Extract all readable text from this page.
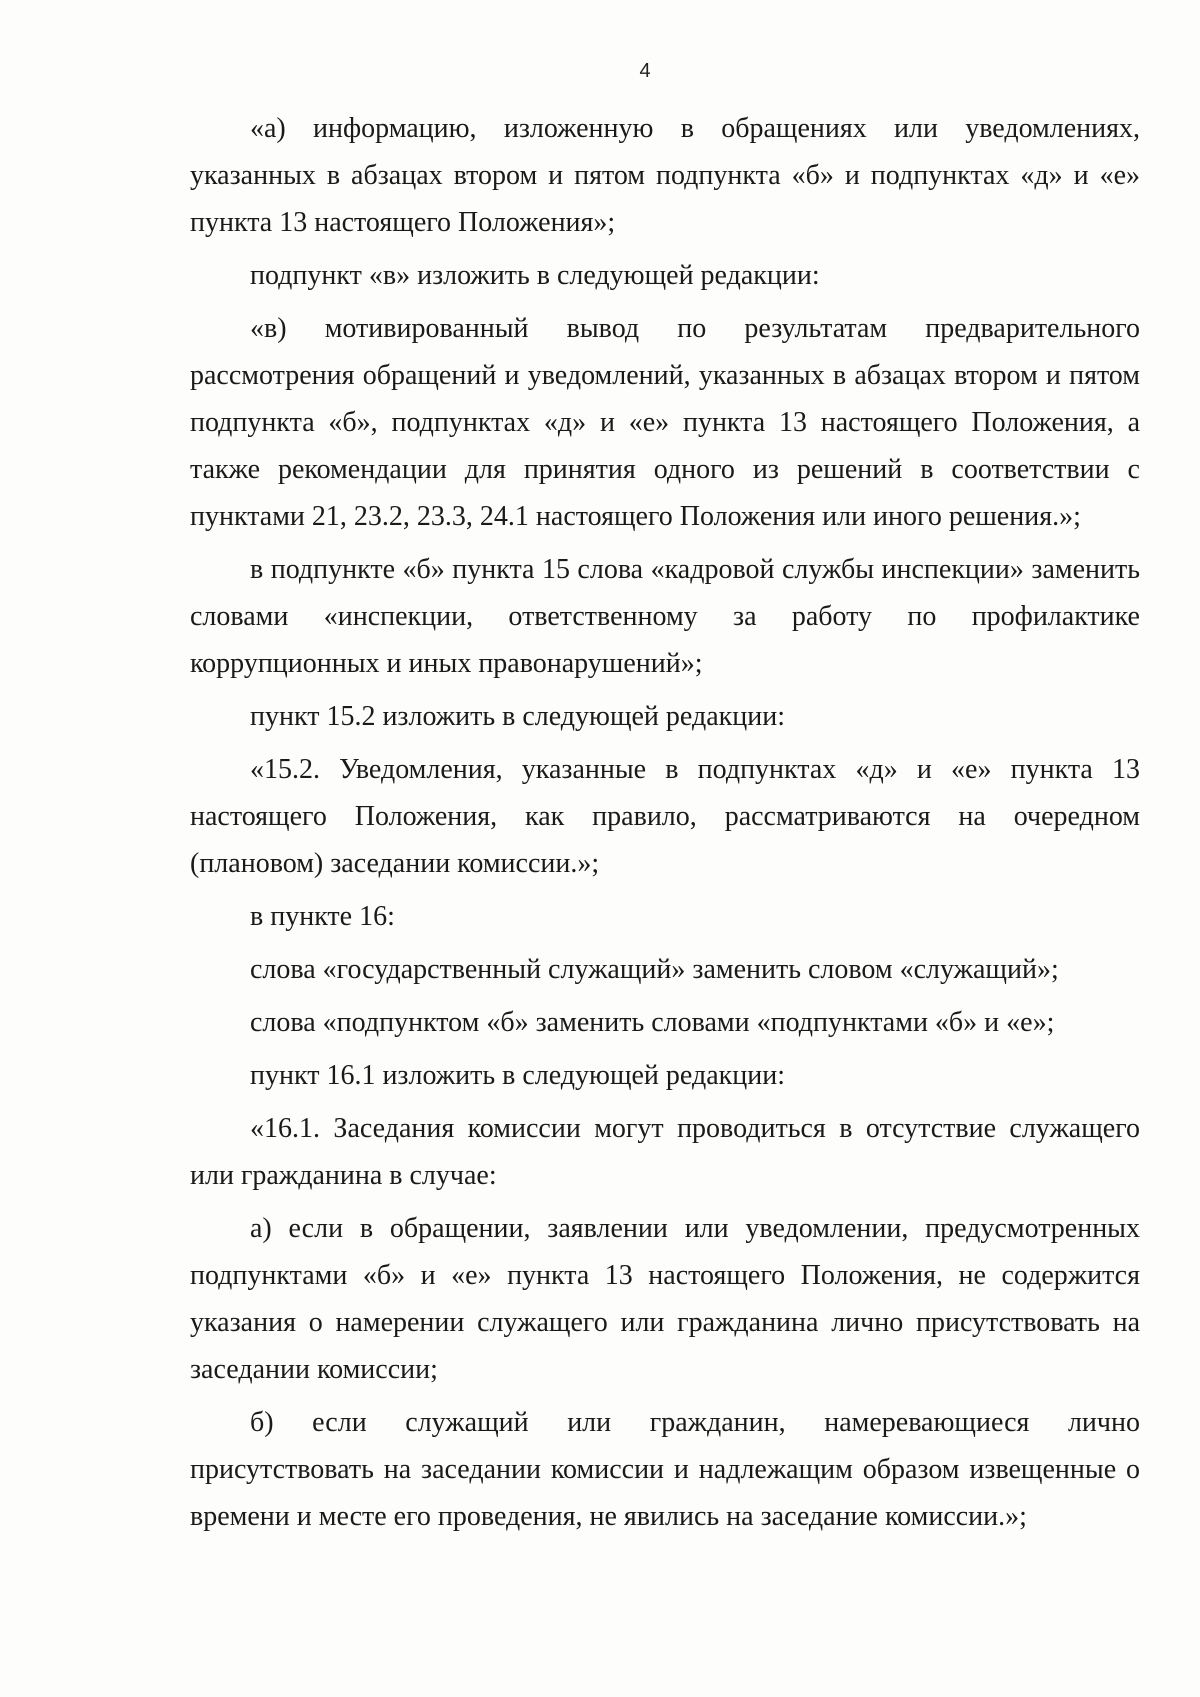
4

«а) информацию, изложенную в обращениях или уведомлениях, указанных в абзацах втором и пятом подпункта «б» и подпунктах «д» и «е» пункта 13 настоящего Положения»;

подпункт «в» изложить в следующей редакции:

«в) мотивированный вывод по результатам предварительного рассмотрения обращений и уведомлений, указанных в абзацах втором и пятом подпункта «б», подпунктах «д» и «е» пункта 13 настоящего Положения, а также рекомендации для принятия одного из решений в соответствии с пунктами 21, 23.2, 23.3, 24.1 настоящего Положения или иного решения.»;

в подпункте «б» пункта 15 слова «кадровой службы инспекции» заменить словами «инспекции, ответственному за работу по профилактике коррупционных и иных правонарушений»;

пункт 15.2 изложить в следующей редакции:

«15.2. Уведомления, указанные в подпунктах «д» и «е» пункта 13 настоящего Положения, как правило, рассматриваются на очередном (плановом) заседании комиссии.»;

в пункте 16:

слова «государственный служащий» заменить словом «служащий»;

слова «подпунктом «б» заменить словами «подпунктами «б» и «е»;

пункт 16.1 изложить в следующей редакции:

«16.1. Заседания комиссии могут проводиться в отсутствие служащего или гражданина в случае:

а) если в обращении, заявлении или уведомлении, предусмотренных подпунктами «б» и «е» пункта 13 настоящего Положения, не содержится указания о намерении служащего или гражданина лично присутствовать на заседании комиссии;

б) если служащий или гражданин, намеревающиеся лично присутствовать на заседании комиссии и надлежащим образом извещенные о времени и месте его проведения, не явились на заседание комиссии.»;
